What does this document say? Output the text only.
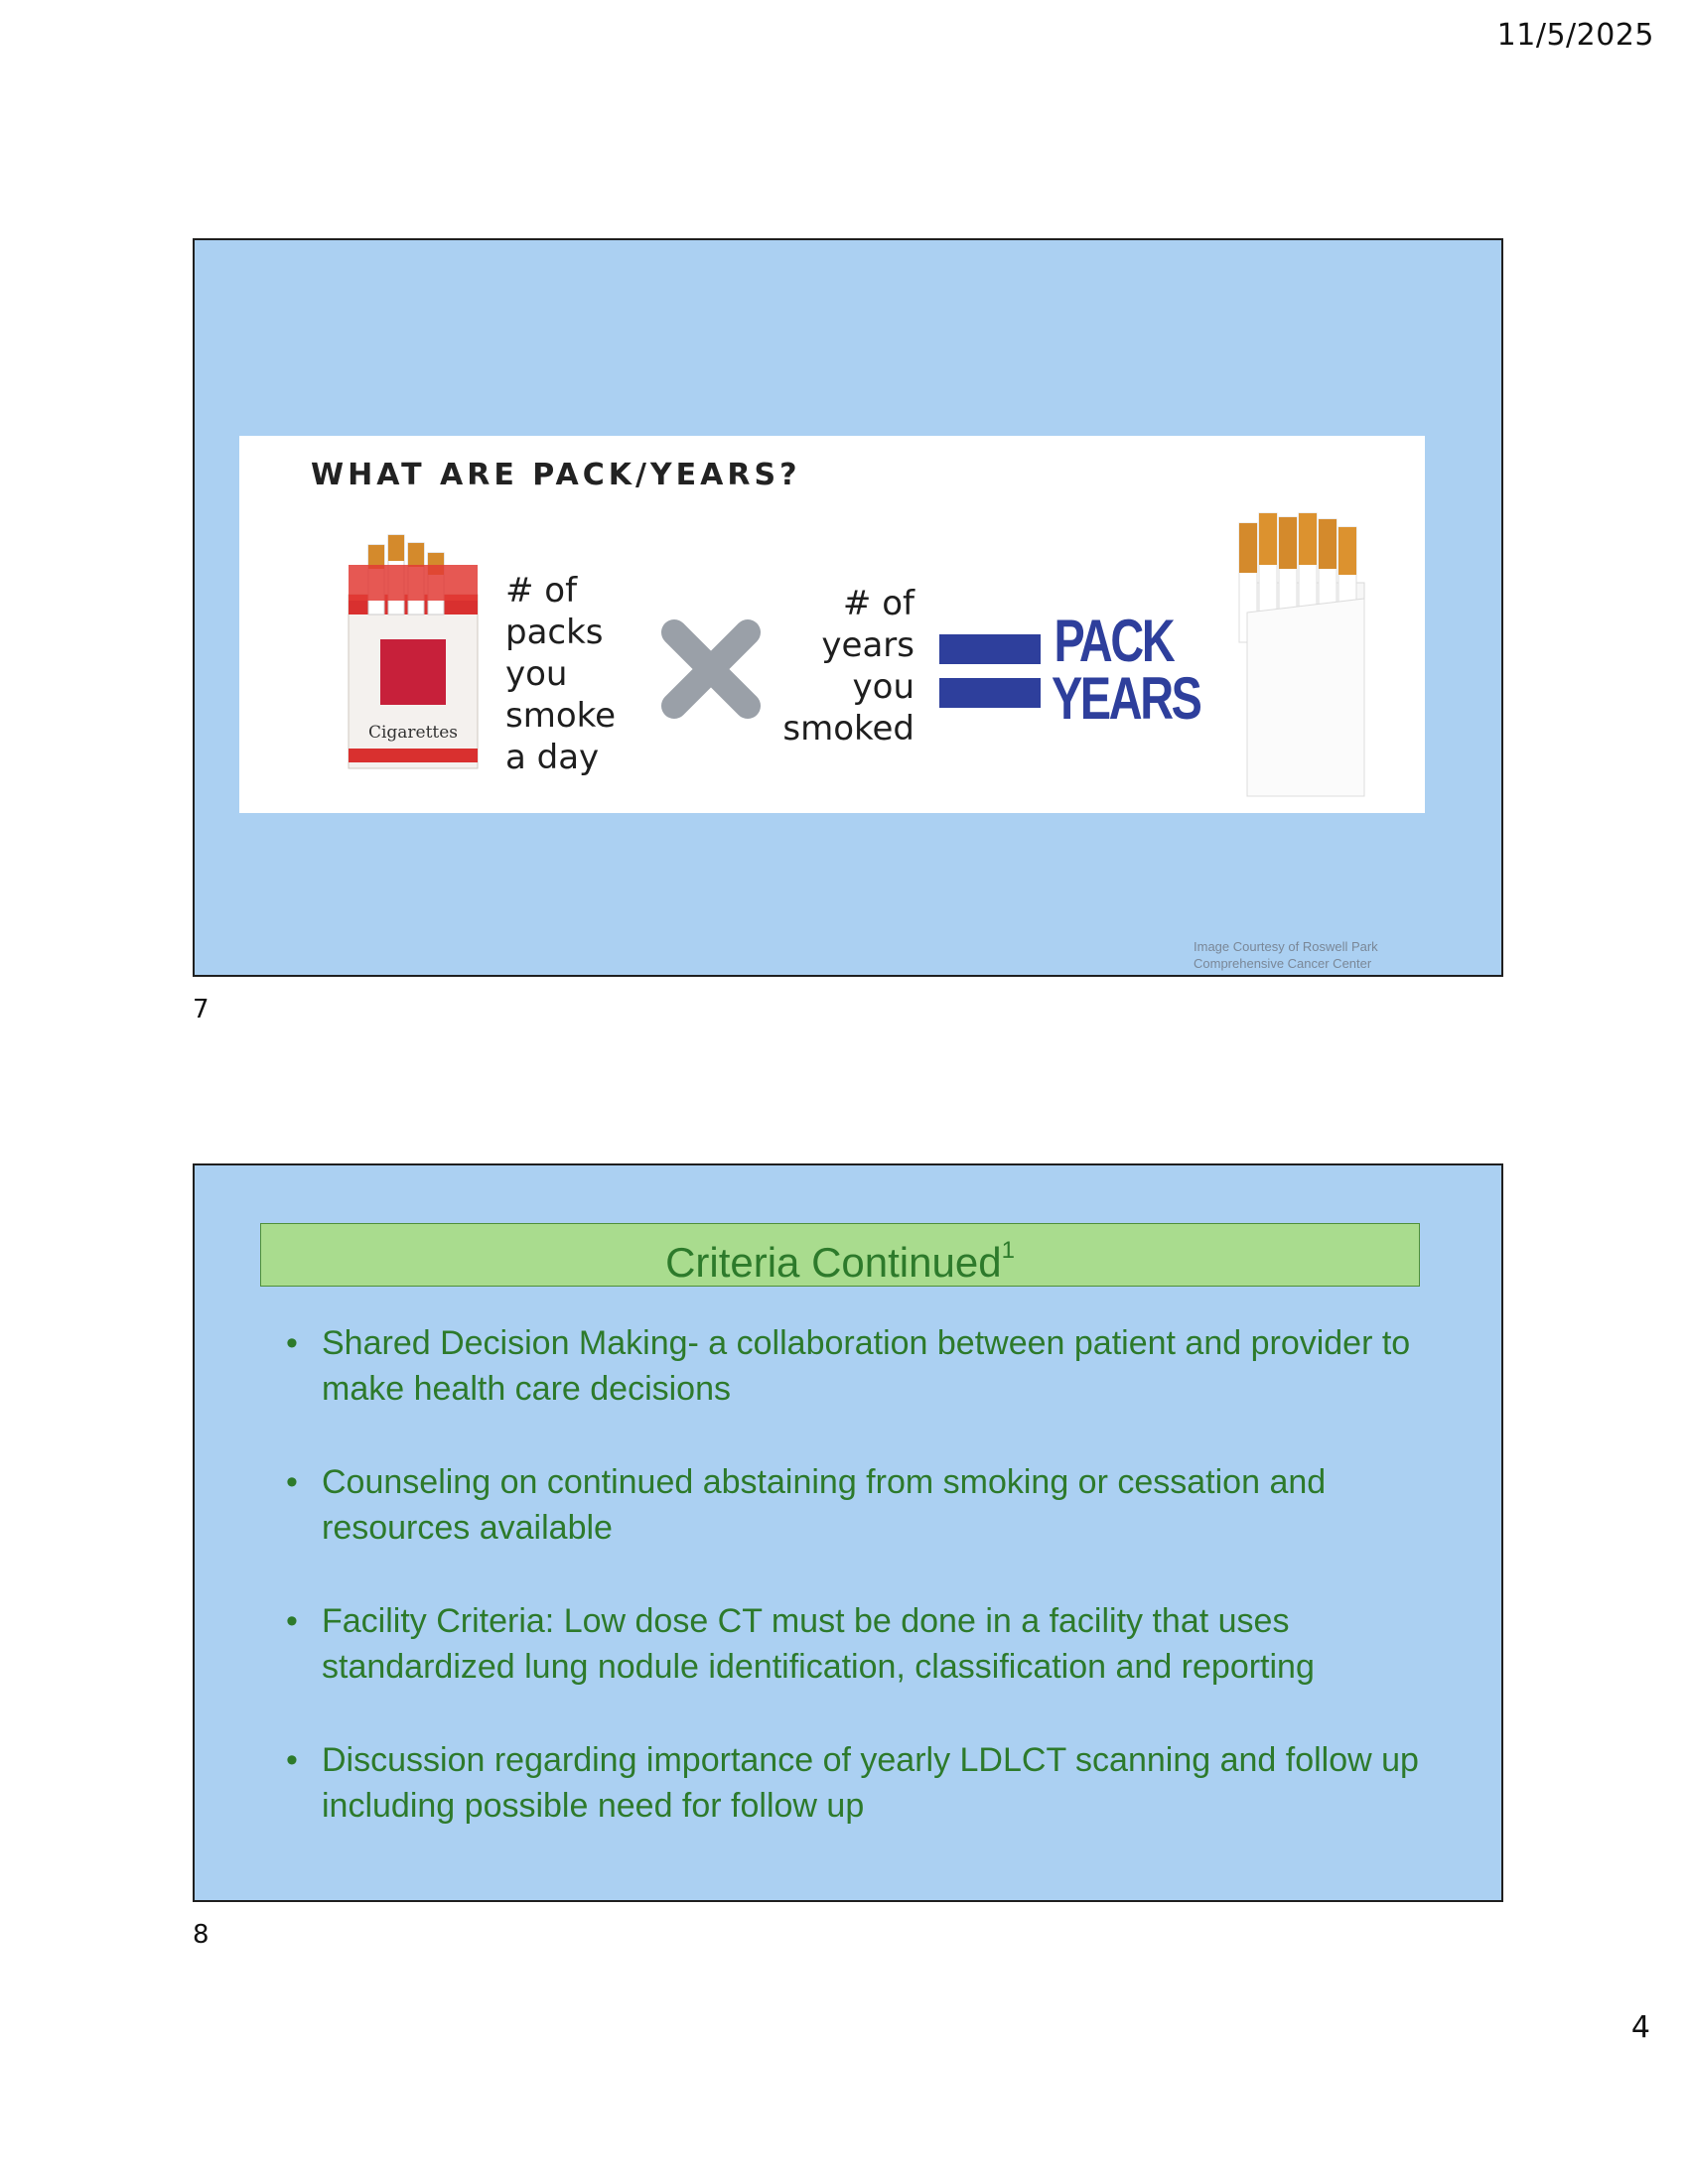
11/5/2025
WHAT ARE PACK/YEARS?
Cigarettes
# of
packs
you
smoke
a day
# of
years
you
smoked
PACK
YEARS
Image Courtesy of Roswell Park
Comprehensive Cancer Center
7
Criteria Continued$^1$
• Shared Decision Making- a collaboration between patient and provider to make health care decisions
• Counseling on continued abstaining from smoking or cessation and resources available
• Facility Criteria: Low dose CT must be done in a facility that uses standardized lung nodule identification, classification and reporting
• Discussion regarding importance of yearly LDLCT scanning and follow up including possible need for follow up
8
4
